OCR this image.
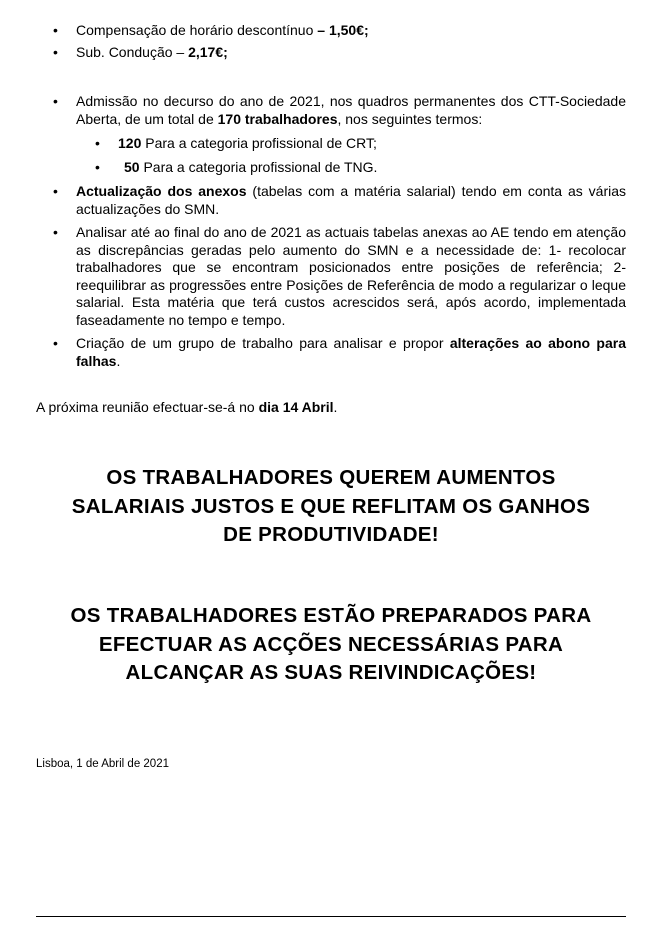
• Compensação de horário descontínuo – 1,50€;
• Sub. Condução – 2,17€;
• Admissão no decurso do ano de 2021, nos quadros permanentes dos CTT-Sociedade Aberta, de um total de 170 trabalhadores, nos seguintes termos:
• 120 Para a categoria profissional de CRT;
• 50 Para a categoria profissional de TNG.
• Actualização dos anexos (tabelas com a matéria salarial) tendo em conta as várias actualizações do SMN.
• Analisar até ao final do ano de 2021 as actuais tabelas anexas ao AE tendo em atenção as discrepâncias geradas pelo aumento do SMN e a necessidade de: 1- recolocar trabalhadores que se encontram posicionados entre posições de referência; 2- reequilibrar as progressões entre Posições de Referência de modo a regularizar o leque salarial. Esta matéria que terá custos acrescidos será, após acordo, implementada faseadamente no tempo e tempo.
• Criação de um grupo de trabalho para analisar e propor alterações ao abono para falhas.
A próxima reunião efectuar-se-á no dia 14 Abril.
OS TRABALHADORES QUEREM AUMENTOS
SALARIAIS JUSTOS E QUE REFLITAM OS GANHOS
DE PRODUTIVIDADE!
OS TRABALHADORES ESTÃO PREPARADOS PARA
EFECTUAR AS ACÇÕES NECESSÁRIAS PARA
ALCANÇAR AS SUAS REIVINDICAÇÕES!
Lisboa, 1 de Abril de 2021
